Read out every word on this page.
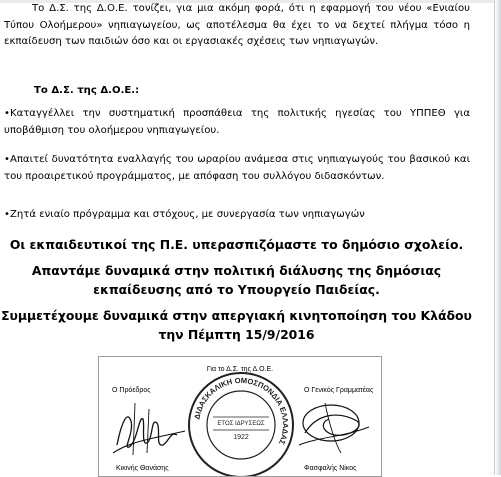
Το Δ.Σ. της Δ.Ο.Ε. τονίζει, για μια ακόμη φορά, ότι η εφαρμογή του νέου «Ενιαίου Τύπου Ολοήμερου» νηπιαγωγείου, ως αποτέλεσμα θα έχει το να δεχτεί πλήγμα τόσο η εκπαίδευση των παιδιών όσο και οι εργασιακές σχέσεις των νηπιαγωγών.

Το Δ.Σ. της Δ.Ο.Ε.:

•Καταγγέλλει την συστηματική προσπάθεια της πολιτικής ηγεσίας του ΥΠΠΕΘ για υποβάθμιση του ολοήμερου νηπιαγωγείου.

•Απαιτεί δυνατότητα εναλλαγής του ωραρίου ανάμεσα στις νηπιαγωγούς του βασικού και του προαιρετικού προγράμματος, με απόφαση του συλλόγου διδασκόντων.

•Ζητά ενιαίο πρόγραμμα και στόχους, με συνεργασία των νηπιαγωγών

Οι εκπαιδευτικοί της Π.Ε. υπερασπιζόμαστε το δημόσιο σχολείο.

Απαντάμε δυναμικά στην πολιτική διάλυσης της δημόσιας εκπαίδευσης από το Υπουργείο Παιδείας.

Συμμετέχουμε δυναμικά στην απεργιακή κινητοποίηση του Κλάδου την Πέμπτη 15/9/2016

Για το Δ.Σ. της Δ.Ο.Ε.

Ο Πρόεδρος	Ο Γενικός Γραμματέας

ΔΙΔΑΣΚΑΛΙΚΗ ΟΜΟΣΠΟΝΔΙΑ ΕΛΛΑΔΑΣ
ΕΤΟΣ ΙΔΡΥΣΕΩΣ
1922

Κικινής Θανάσης	Φασφαλής Νίκος
